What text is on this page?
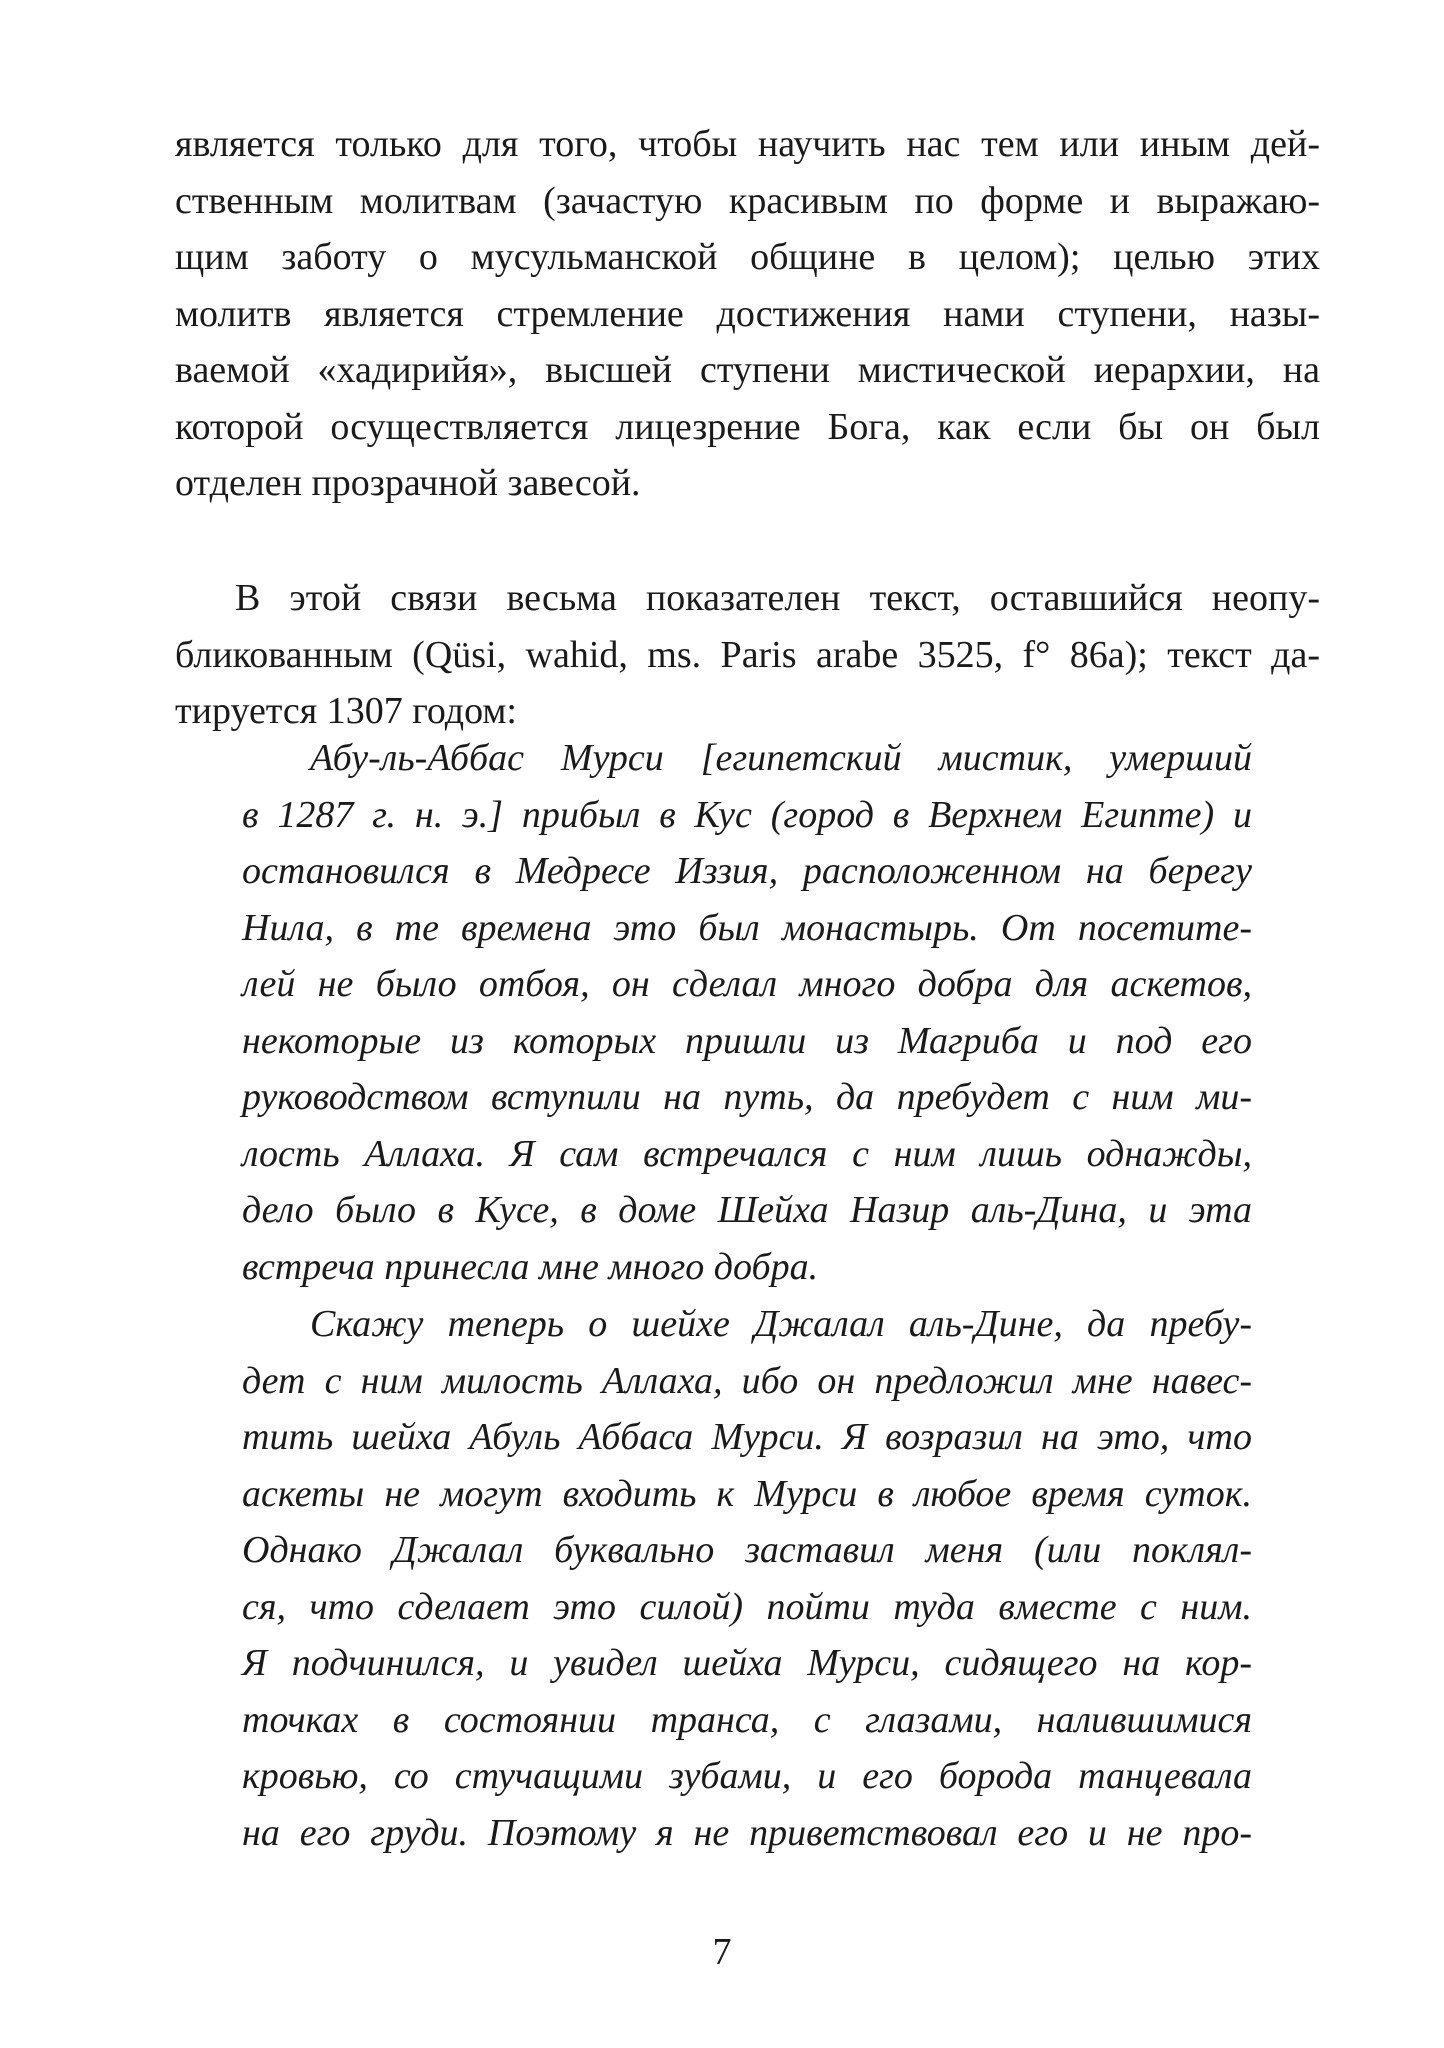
является только для того, чтобы научить нас тем или иным дей-
ственным молитвам (зачастую красивым по форме и выражаю-
щим заботу о мусульманской общине в целом); целью этих
молитв является стремление достижения нами ступени, назы-
ваемой «хадирийя», высшей ступени мистической иерархии, на
которой осуществляется лицезрение Бога, как если бы он был
отделен прозрачной завесой.

В этой связи весьма показателен текст, оставшийся неопу-
бликованным (Qüsi, wahid, ms. Paris arabe 3525, f° 86a); текст да-
тируется 1307 годом:

Абу-ль-Аббас Мурси [египетский мистик, умерший
в 1287 г. н. э.] прибыл в Кус (город в Верхнем Египте) и
остановился в Медресе Иззия, расположенном на берегу
Нила, в те времена это был монастырь. От посетите-
лей не было отбоя, он сделал много добра для аскетов,
некоторые из которых пришли из Магриба и под его
руководством вступили на путь, да пребудет с ним ми-
лость Аллаха. Я сам встречался с ним лишь однажды,
дело было в Кусе, в доме Шейха Назир аль-Дина, и эта
встреча принесла мне много добра.

Скажу теперь о шейхе Джалал аль-Дине, да пребу-
дет с ним милость Аллаха, ибо он предложил мне навес-
тить шейха Абуль Аббаса Мурси. Я возразил на это, что
аскеты не могут входить к Мурси в любое время суток.
Однако Джалал буквально заставил меня (или поклял-
ся, что сделает это силой) пойти туда вместе с ним.
Я подчинился, и увидел шейха Мурси, сидящего на кор-
точках в состоянии транса, с глазами, налившимися
кровью, со стучащими зубами, и его борода танцевала
на его груди. Поэтому я не приветствовал его и не про-

7
